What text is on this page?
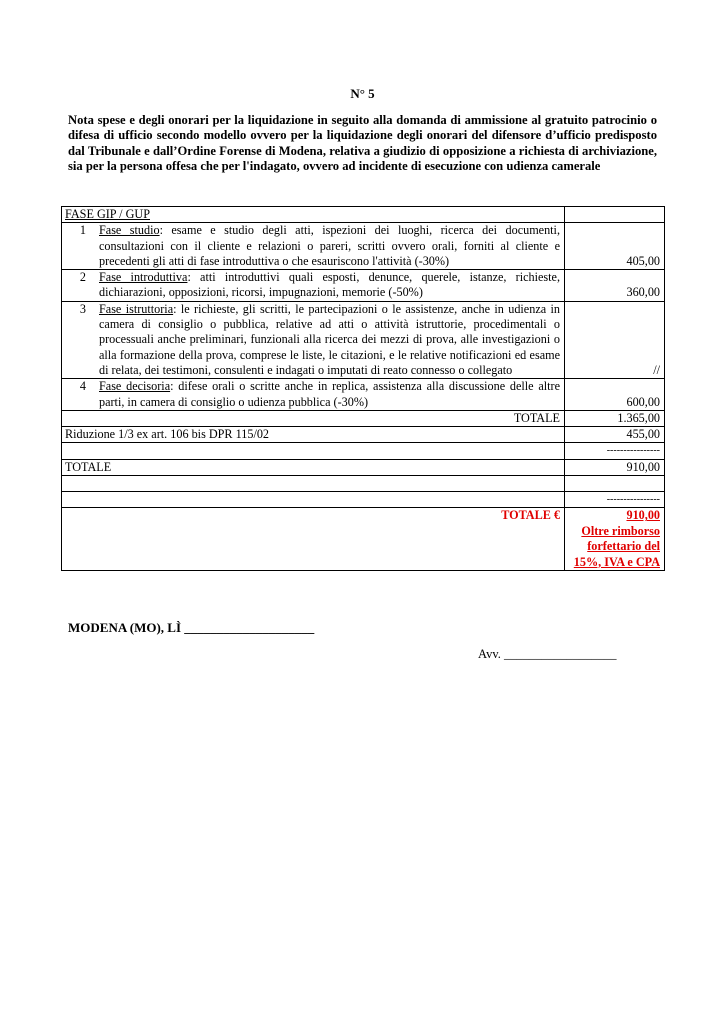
N° 5

Nota spese e degli onorari per la liquidazione in seguito alla domanda di ammissione al gratuito patrocinio o difesa di ufficio secondo modello ovvero per la liquidazione degli onorari del difensore d’ufficio predisposto dal Tribunale e dall’Ordine Forense di Modena, relativa a giudizio di opposizione a richiesta di archiviazione, sia per la persona offesa che per l'indagato, ovvero ad incidente di esecuzione con udienza camerale

FASE GIP / GUP	

1 Fase studio: esame e studio degli atti, ispezioni dei luoghi, ricerca dei documenti, consultazioni con il cliente e relazioni o pareri, scritti ovvero orali, forniti al cliente e precedenti gli atti di fase introduttiva o che esauriscono l'attività (-30%)	405,00

2 Fase introduttiva: atti introduttivi quali esposti, denunce, querele, istanze, richieste, dichiarazioni, opposizioni, ricorsi, impugnazioni, memorie (-50%)	360,00

3 Fase istruttoria: le richieste, gli scritti, le partecipazioni o le assistenze, anche in udienza in camera di consiglio o pubblica, relative ad atti o attività istruttorie, procedimentali o processuali anche preliminari, funzionali alla ricerca dei mezzi di prova, alle investigazioni o alla formazione della prova, comprese le liste, le citazioni, e le relative notificazioni ed esame di relata, dei testimoni, consulenti e indagati o imputati di reato connesso o collegato	//

4 Fase decisoria: difese orali o scritte anche in replica, assistenza alla discussione delle altre parti, in camera di consiglio o udienza pubblica (-30%)	600,00
TOTALE	1.365,00
Riduzione 1/3 ex art. 106 bis DPR 115/02	455,00
	----------------
TOTALE	910,00

	----------------
TOTALE €	910,00
Oltre rimborso forfettario del 15%, IVA e CPA
MODENA (MO), LÌ ____________________
Avv. __________________
